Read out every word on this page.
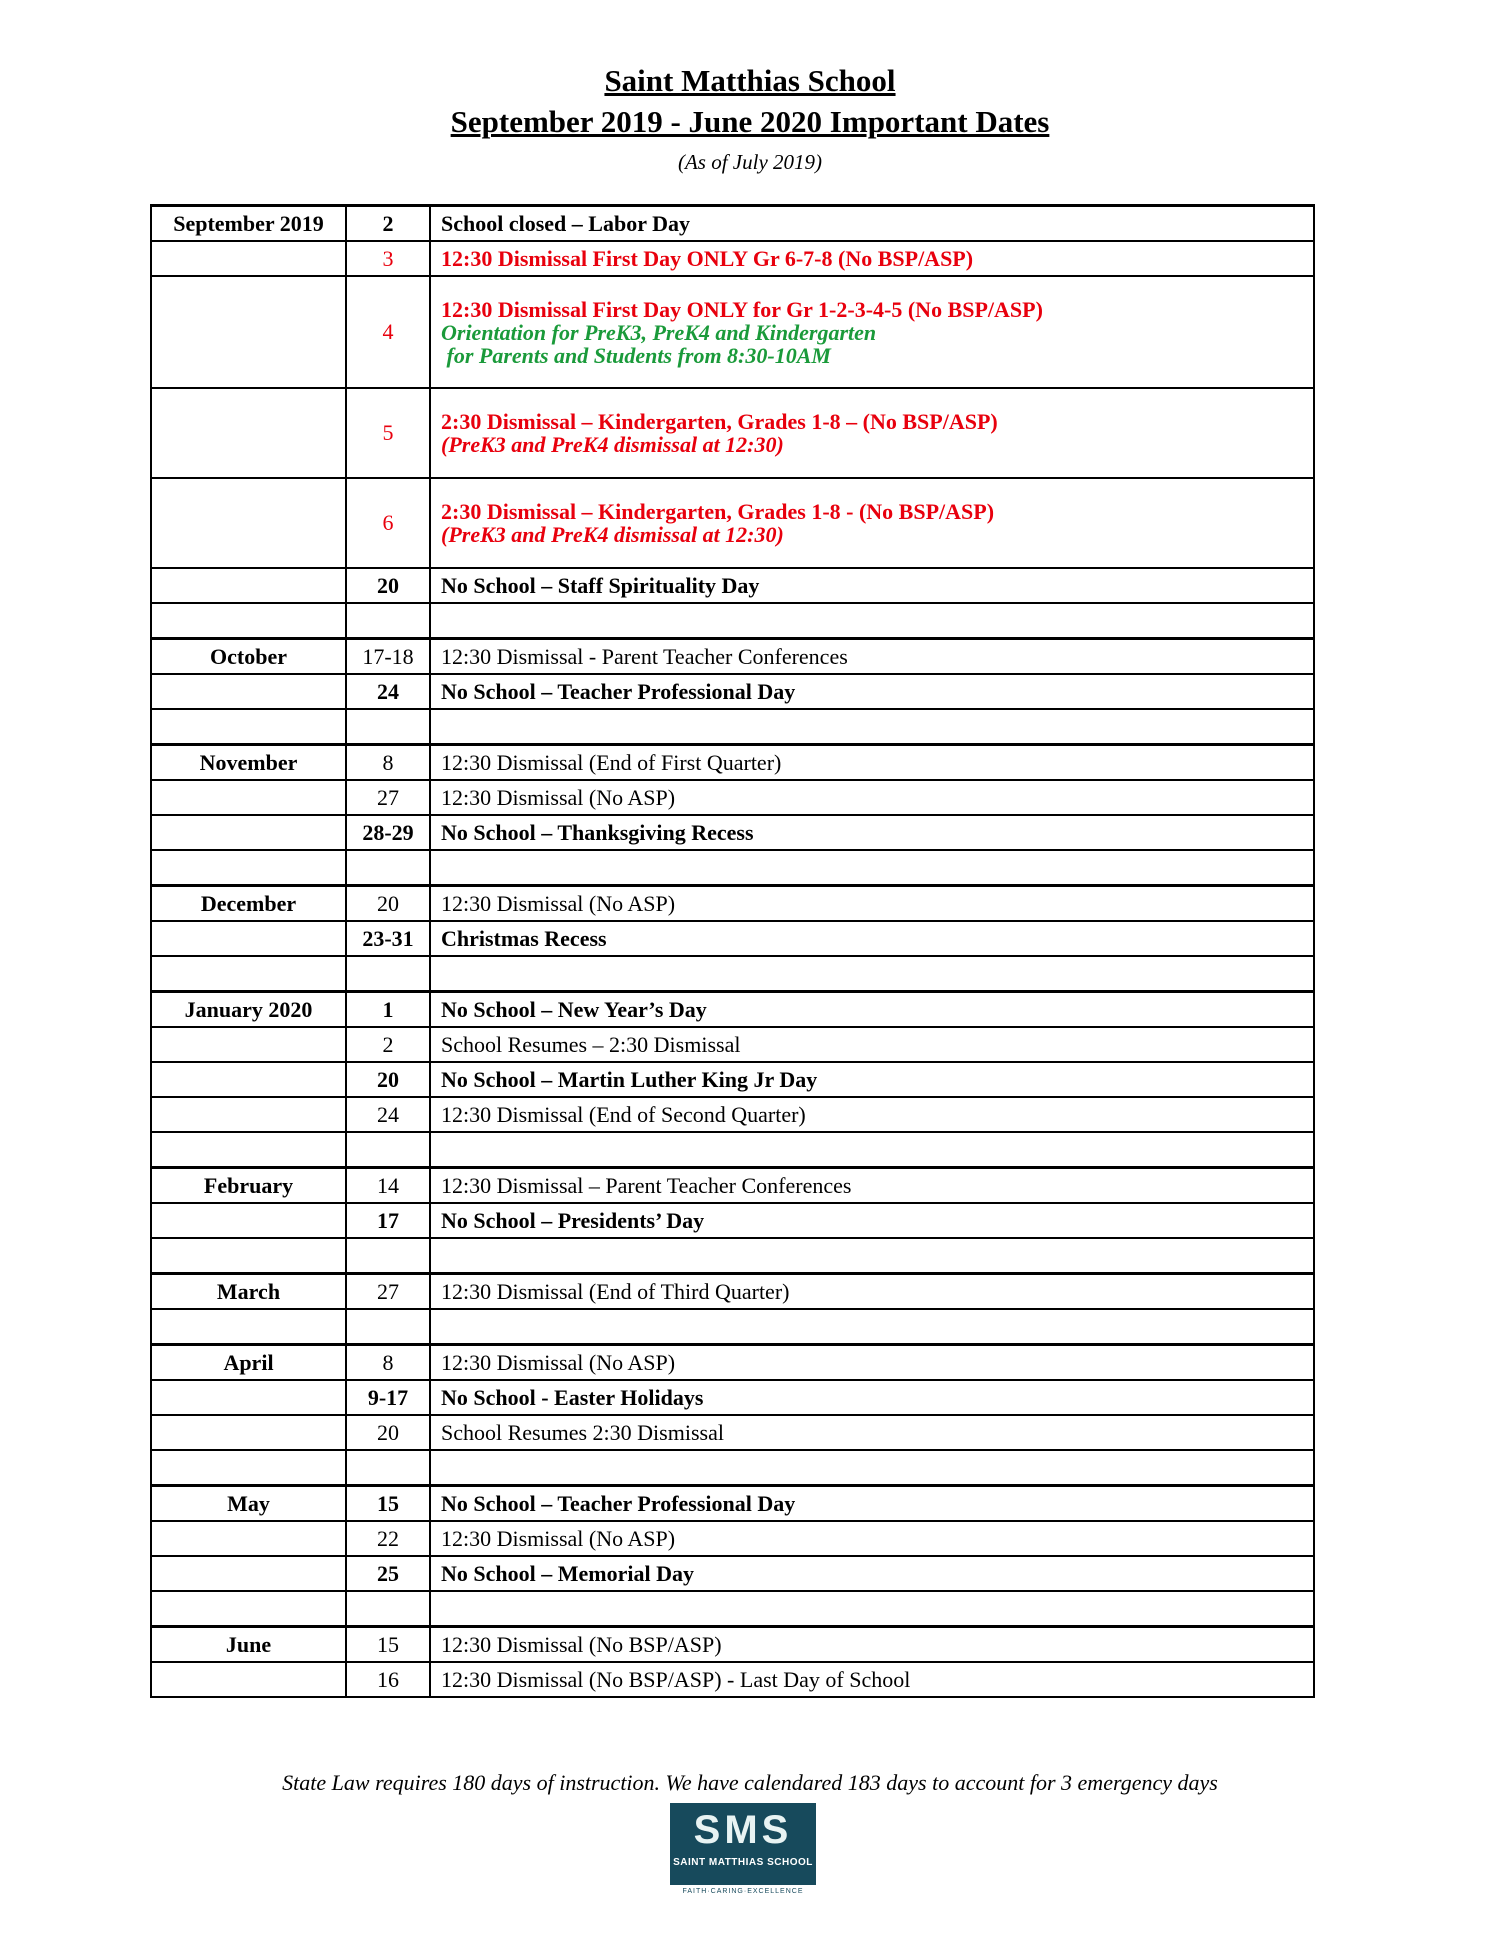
Saint Matthias School
September 2019 - June 2020 Important Dates
(As of July 2019)
September 2019	2	School closed – Labor Day

	3	12:30 Dismissal First Day ONLY Gr 6-7-8 (No BSP/ASP)

	4	12:30 Dismissal First Day ONLY for Gr 1-2-3-4-5 (No BSP/ASP)
Orientation for PreK3, PreK4 and Kindergarten
for Parents and Students from 8:30-10AM

	5	2:30 Dismissal – Kindergarten, Grades 1-8 – (No BSP/ASP)
(PreK3 and PreK4 dismissal at 12:30)

	6	2:30 Dismissal – Kindergarten, Grades 1-8 - (No BSP/ASP)
(PreK3 and PreK4 dismissal at 12:30)

	20	No School – Staff Spirituality Day

October	17-18	12:30 Dismissal - Parent Teacher Conferences

	24	No School – Teacher Professional Day

November	8	12:30 Dismissal (End of First Quarter)

	27	12:30 Dismissal (No ASP)

	28-29	No School – Thanksgiving Recess

December	20	12:30 Dismissal (No ASP)

	23-31	Christmas Recess

January 2020	1	No School – New Year’s Day

	2	School Resumes – 2:30 Dismissal

	20	No School – Martin Luther King Jr Day

	24	12:30 Dismissal (End of Second Quarter)

February	14	12:30 Dismissal – Parent Teacher Conferences

	17	No School – Presidents’ Day

March	27	12:30 Dismissal (End of Third Quarter)

April	8	12:30 Dismissal (No ASP)

	9-17	No School - Easter Holidays

	20	School Resumes 2:30 Dismissal

May	15	No School – Teacher Professional Day

	22	12:30 Dismissal (No ASP)

	25	No School – Memorial Day

June	15	12:30 Dismissal (No BSP/ASP)

	16	12:30 Dismissal (No BSP/ASP) - Last Day of School
State Law requires 180 days of instruction. We have calendared 183 days to account for 3 emergency days
SMS
SAINT MATTHIAS SCHOOL
FAITH·CARING·EXCELLENCE
